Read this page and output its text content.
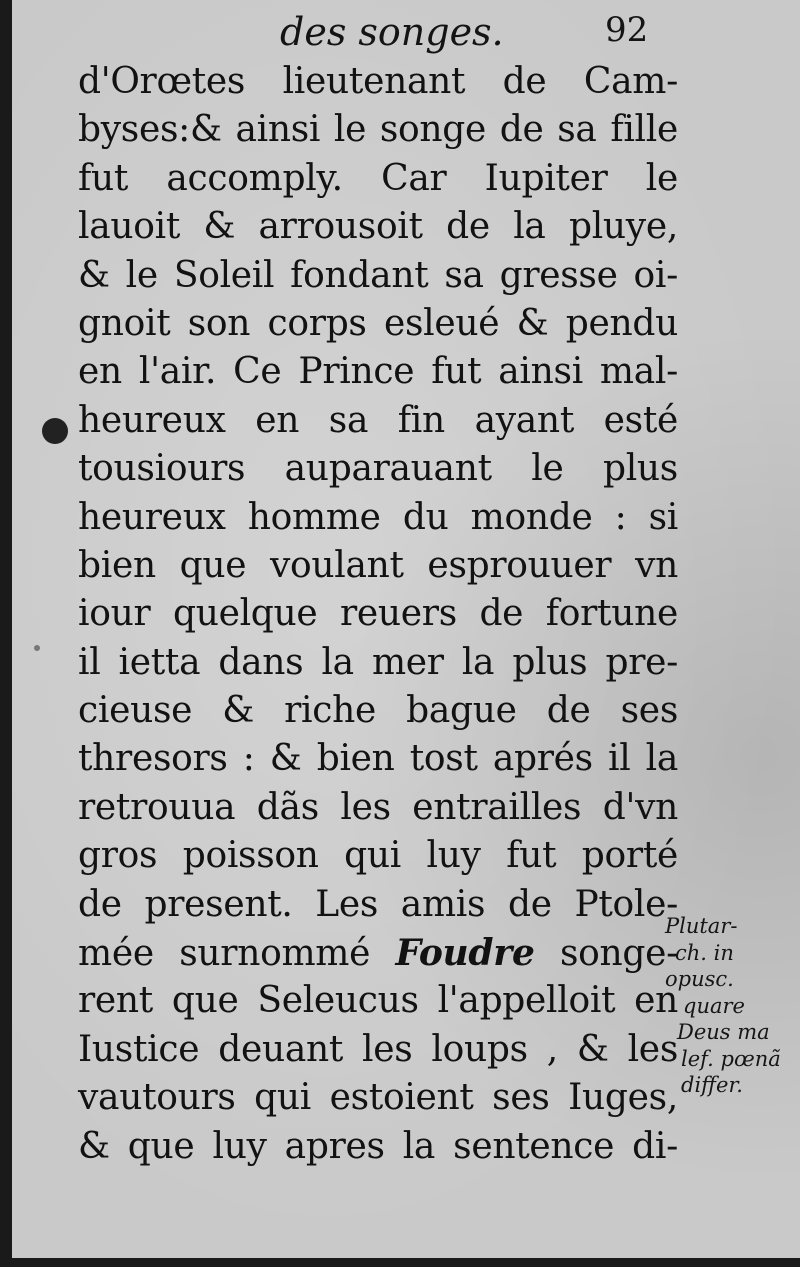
des songes.	92
d'Orœtes lieutenant de Cam-
byses:& ainsi le songe de sa fille
fut accomply. Car Iupiter le
lauoit & arrousoit de la pluye,
& le Soleil fondant sa gresse oi-
gnoit son corps esleué & pendu
en l'air. Ce Prince fut ainsi mal-
heureux en sa fin ayant esté
tousiours auparauant le plus
heureux homme du monde : si
bien que voulant esprouuer vn
iour quelque reuers de fortune
il ietta dans la mer la plus pre-
cieuse & riche bague de ses
thresors : & bien tost aprés il la
retrouua dãs les entrailles d'vn
gros poisson qui luy fut porté
de present. Les amis de Ptole-
mée surnommé Foudre songe-
rent que Seleucus l'appelloit en
Iustice deuant les loups , & les
vautours qui estoient ses Iuges,
& que luy apres la sentence di-
Plutar-
ch. in
opusc.
quare
Deus ma
lef. pœnã
differ.
